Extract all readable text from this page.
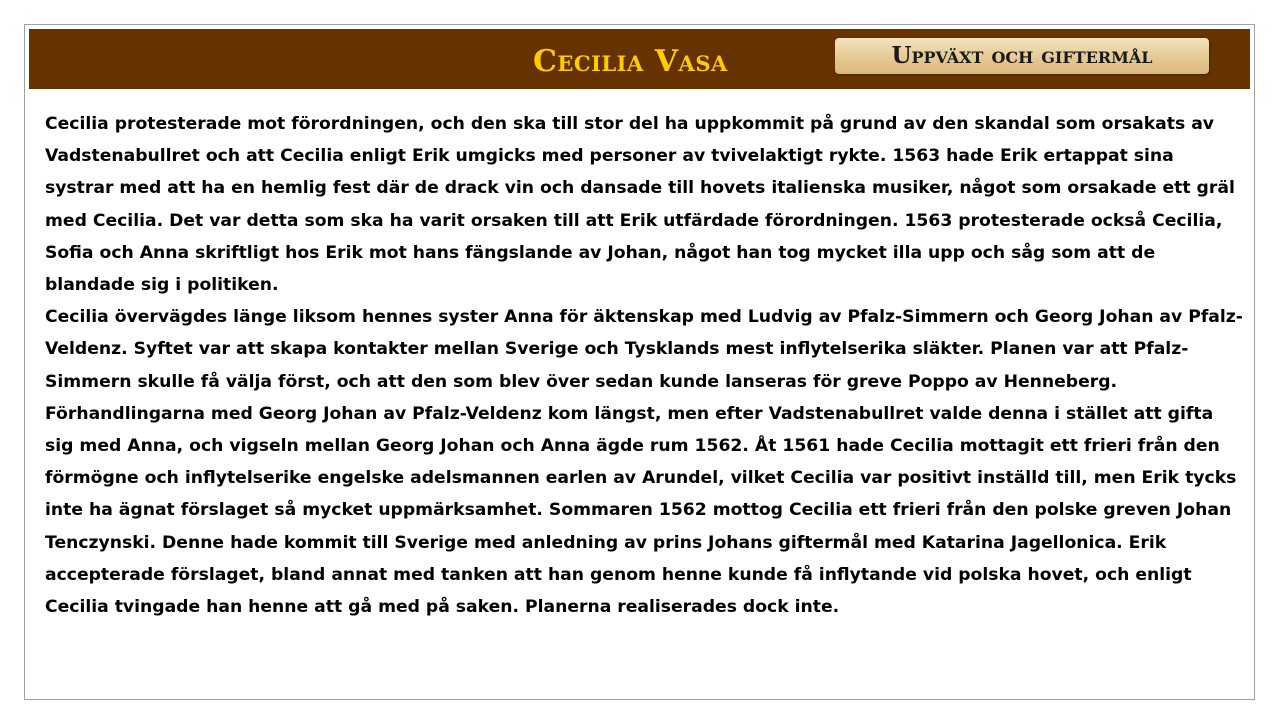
Cecilia Vasa	Uppväxt och giftermål

Cecilia protesterade mot förordningen, och den ska till stor del ha uppkommit på grund av den skandal som orsakats av Vadstenabullret och att Cecilia enligt Erik umgicks med personer av tvivelaktigt rykte. 1563 hade Erik ertappat sina systrar med att ha en hemlig fest där de drack vin och dansade till hovets italienska musiker, något som orsakade ett gräl med Cecilia. Det var detta som ska ha varit orsaken till att Erik utfärdade förordningen. 1563 protesterade också Cecilia, Sofia och Anna skriftligt hos Erik mot hans fängslande av Johan, något han tog mycket illa upp och såg som att de blandade sig i politiken.

Cecilia övervägdes länge liksom hennes syster Anna för äktenskap med Ludvig av Pfalz-Simmern och Georg Johan av Pfalz-Veldenz. Syftet var att skapa kontakter mellan Sverige och Tysklands mest inflytelserika släkter. Planen var att Pfalz-Simmern skulle få välja först, och att den som blev över sedan kunde lanseras för greve Poppo av Henneberg. Förhandlingarna med Georg Johan av Pfalz-Veldenz kom längst, men efter Vadstenabullret valde denna i stället att gifta sig med Anna, och vigseln mellan Georg Johan och Anna ägde rum 1562. Åt 1561 hade Cecilia mottagit ett frieri från den förmögne och inflytelserike engelske adelsmannen earlen av Arundel, vilket Cecilia var positivt inställd till, men Erik tycks inte ha ägnat förslaget så mycket uppmärksamhet. Sommaren 1562 mottog Cecilia ett frieri från den polske greven Johan Tenczynski. Denne hade kommit till Sverige med anledning av prins Johans giftermål med Katarina Jagellonica. Erik accepterade förslaget, bland annat med tanken att han genom henne kunde få inflytande vid polska hovet, och enligt Cecilia tvingade han henne att gå med på saken. Planerna realiserades dock inte.
